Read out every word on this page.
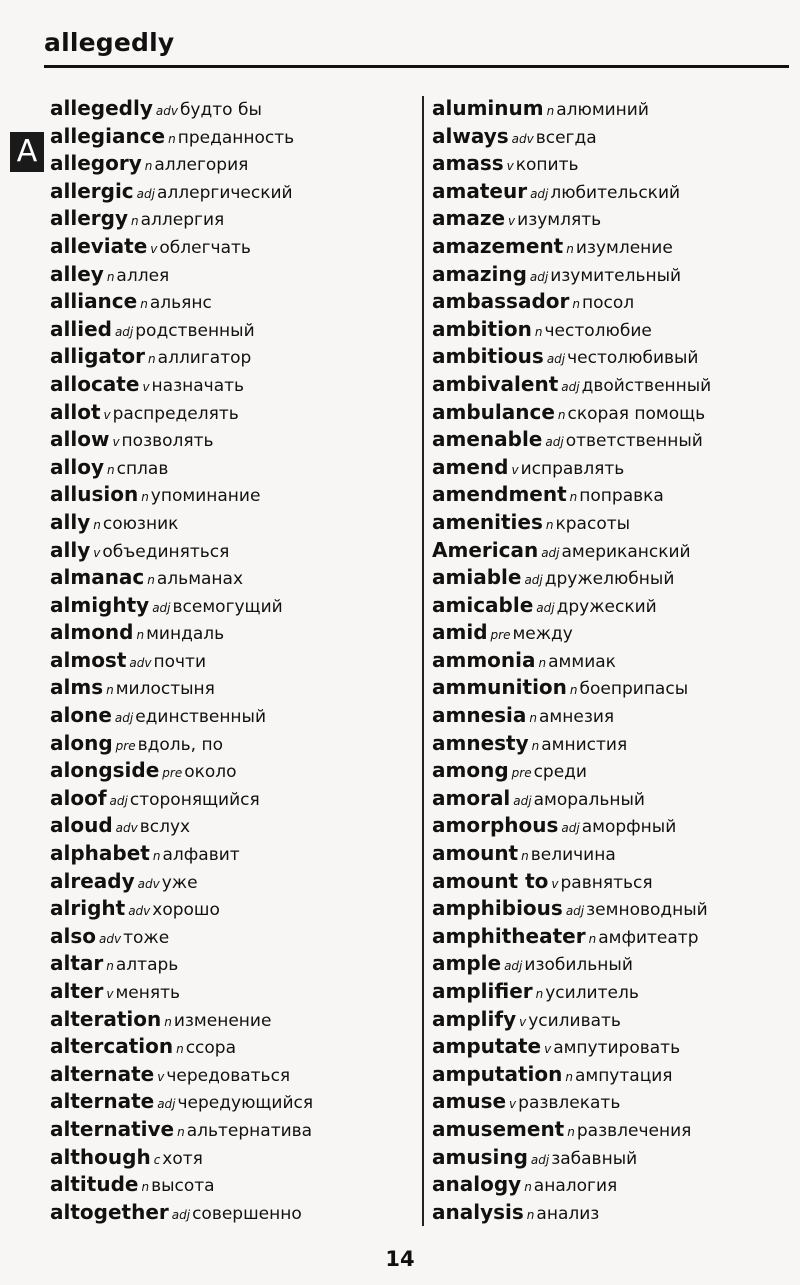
allegedly
A
allegedly adv будто бы
allegiance n преданность
allegory n аллегория
allergic adj аллергический
allergy n аллергия
alleviate v облегчать
alley n аллея
alliance n альянс
allied adj родственный
alligator n аллигатор
allocate v назначать
allot v распределять
allow v позволять
alloy n сплав
allusion n упоминание
ally n союзник
ally v объединяться
almanac n альманах
almighty adj всемогущий
almond n миндаль
almost adv почти
alms n милостыня
alone adj единственный
along pre вдоль, по
alongside pre около
aloof adj сторонящийся
aloud adv вслух
alphabet n алфавит
already adv уже
alright adv хорошо
also adv тоже
altar n алтарь
alter v менять
alteration n изменение
altercation n ссора
alternate v чередоваться
alternate adj чередующийся
alternative n альтернатива
although c хотя
altitude n высота
altogether adj совершенно
aluminum n алюминий
always adv всегда
amass v копить
amateur adj любительский
amaze v изумлять
amazement n изумление
amazing adj изумительный
ambassador n посол
ambition n честолюбие
ambitious adj честолюбивый
ambivalent adj двойственный
ambulance n скорая помощь
amenable adj ответственный
amend v исправлять
amendment n поправка
amenities n красоты
American adj американский
amiable adj дружелюбный
amicable adj дружеский
amid pre между
ammonia n аммиак
ammunition n боеприпасы
amnesia n амнезия
amnesty n амнистия
among pre среди
amoral adj аморальный
amorphous adj аморфный
amount n величина
amount to v равняться
amphibious adj земноводный
amphitheater n амфитеатр
ample adj изобильный
amplifier n усилитель
amplify v усиливать
amputate v ампутировать
amputation n ампутация
amuse v развлекать
amusement n развлечения
amusing adj забавный
analogy n аналогия
analysis n анализ
14
